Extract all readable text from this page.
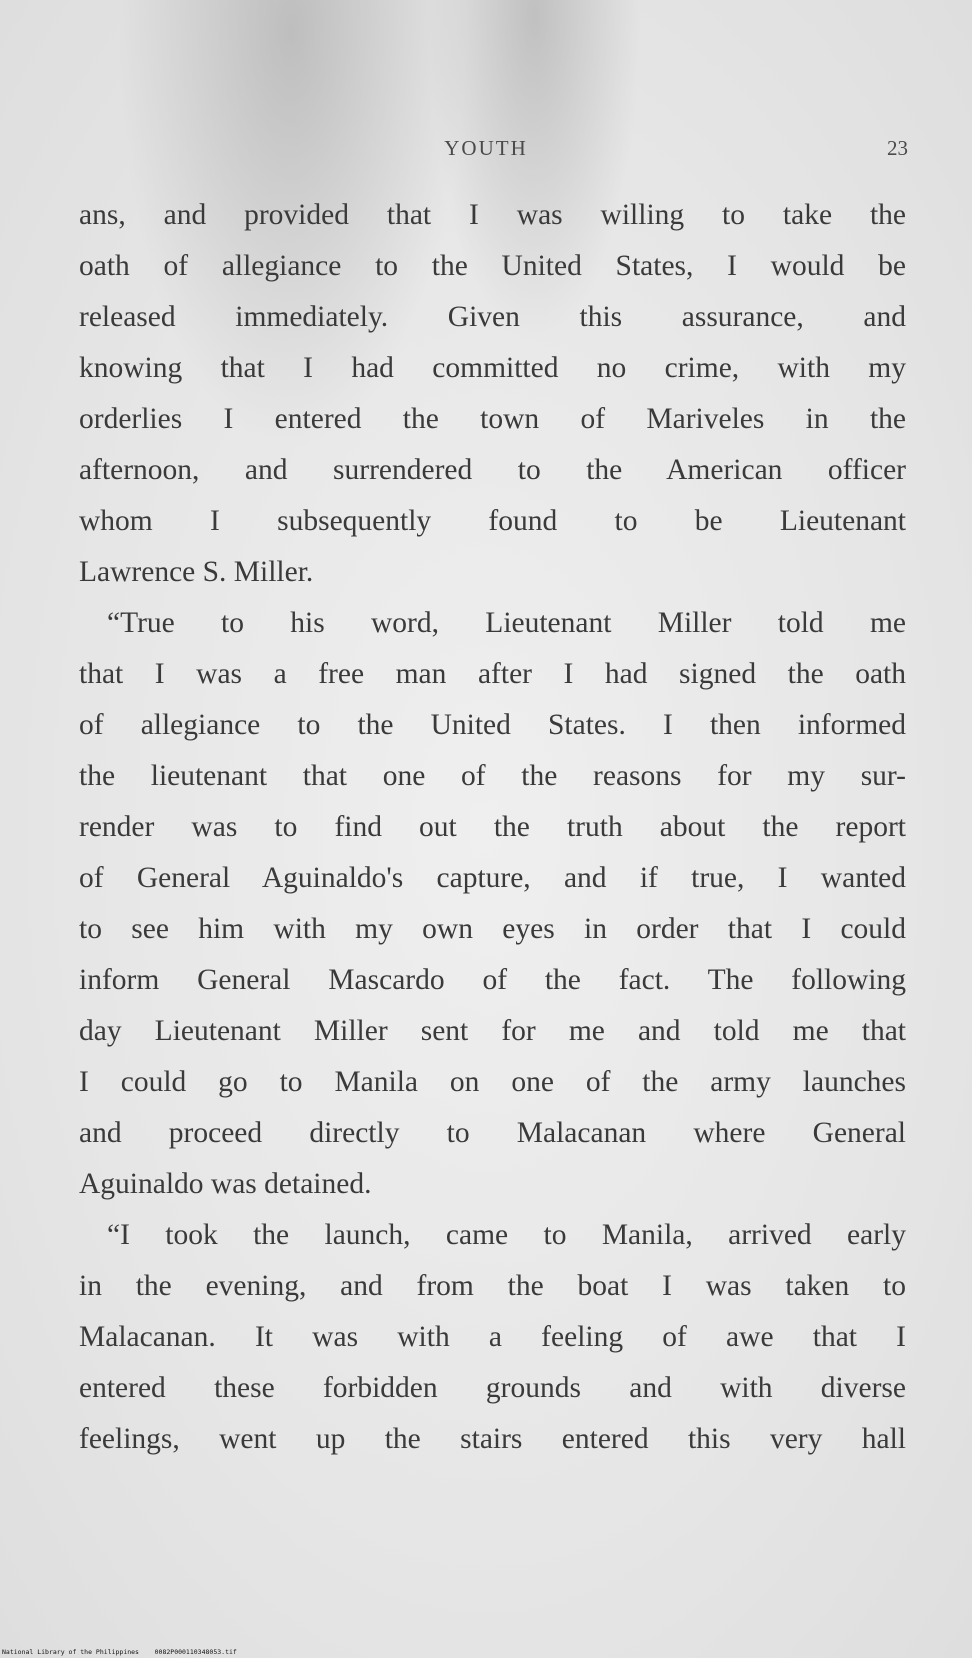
YOUTH	23
ans, and provided that I was willing to take the
oath of allegiance to the United States, I would be
released immediately. Given this assurance, and
knowing that I had committed no crime, with my
orderlies I entered the town of Mariveles in the
afternoon, and surrendered to the American officer
whom I subsequently found to be Lieutenant
Lawrence S. Miller.
“True to his word, Lieutenant Miller told me
that I was a free man after I had signed the oath
of allegiance to the United States. I then informed
the lieutenant that one of the reasons for my sur-
render was to find out the truth about the report
of General Aguinaldo's capture, and if true, I wanted
to see him with my own eyes in order that I could
inform General Mascardo of the fact. The following
day Lieutenant Miller sent for me and told me that
I could go to Manila on one of the army launches
and proceed directly to Malacanan where General
Aguinaldo was detained.
“I took the launch, came to Manila, arrived early
in the evening, and from the boat I was taken to
Malacanan. It was with a feeling of awe that I
entered these forbidden grounds and with diverse
feelings, went up the stairs entered this very hall
National Library of the Philippines 0082P000110348053.tif
